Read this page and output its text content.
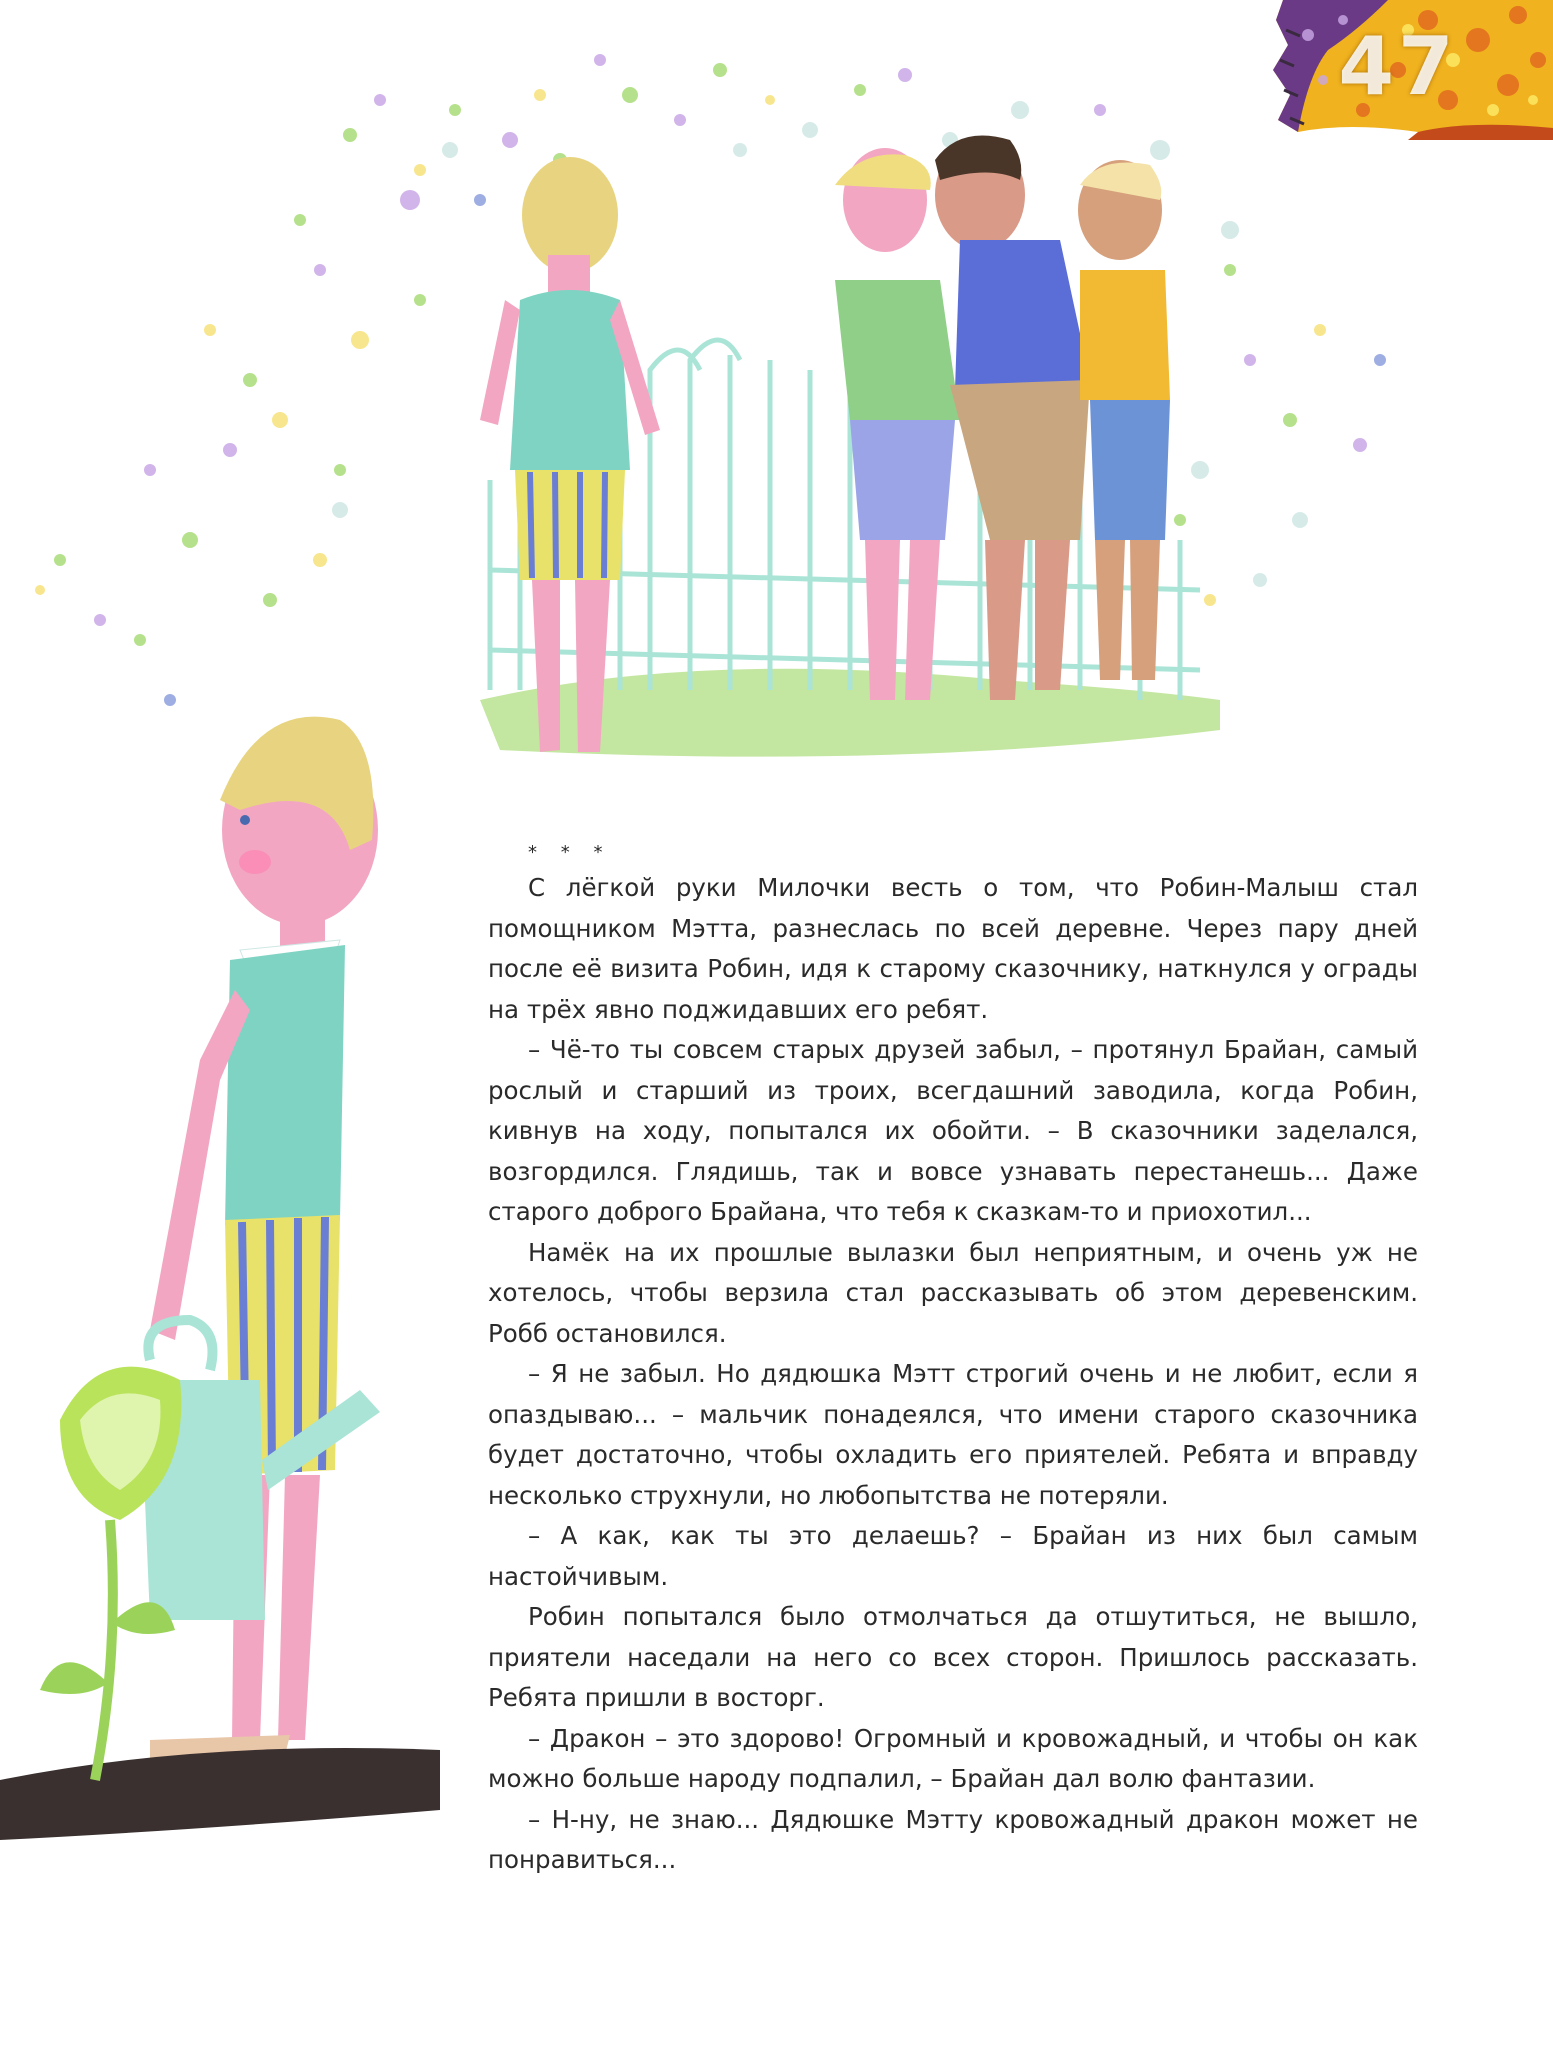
47
* * *

С лёгкой руки Милочки весть о том, что Робин-Малыш стал помощником Мэтта, разнеслась по всей деревне. Через пару дней после её визита Робин, идя к старому сказочнику, наткнулся у ограды на трёх явно поджидавших его ребят.

– Чё-то ты совсем старых друзей забыл, – протянул Брайан, самый рослый и старший из троих, всегдашний заводила, когда Робин, кивнув на ходу, попытался их обойти. – В сказочники заделался, возгордился. Глядишь, так и вовсе узнавать перестанешь... Даже старого доброго Брайана, что тебя к сказкам-то и приохотил...

Намёк на их прошлые вылазки был неприятным, и очень уж не хотелось, чтобы верзила стал рассказывать об этом деревенским. Робб остановился.

– Я не забыл. Но дядюшка Мэтт строгий очень и не любит, если я опаздываю... – мальчик понадеялся, что имени старого сказочника будет достаточно, чтобы охладить его приятелей. Ребята и вправду несколько струхнули, но любопытства не потеряли.

– А как, как ты это делаешь? – Брайан из них был самым настойчивым.

Робин попытался было отмолчаться да отшутиться, не вышло, приятели наседали на него со всех сторон. Пришлось рассказать. Ребята пришли в восторг.

– Дракон – это здорово! Огромный и кровожадный, и чтобы он как можно больше народу подпалил, – Брайан дал волю фантазии.

– Н-ну, не знаю... Дядюшке Мэтту кровожадный дракон может не понравиться...
